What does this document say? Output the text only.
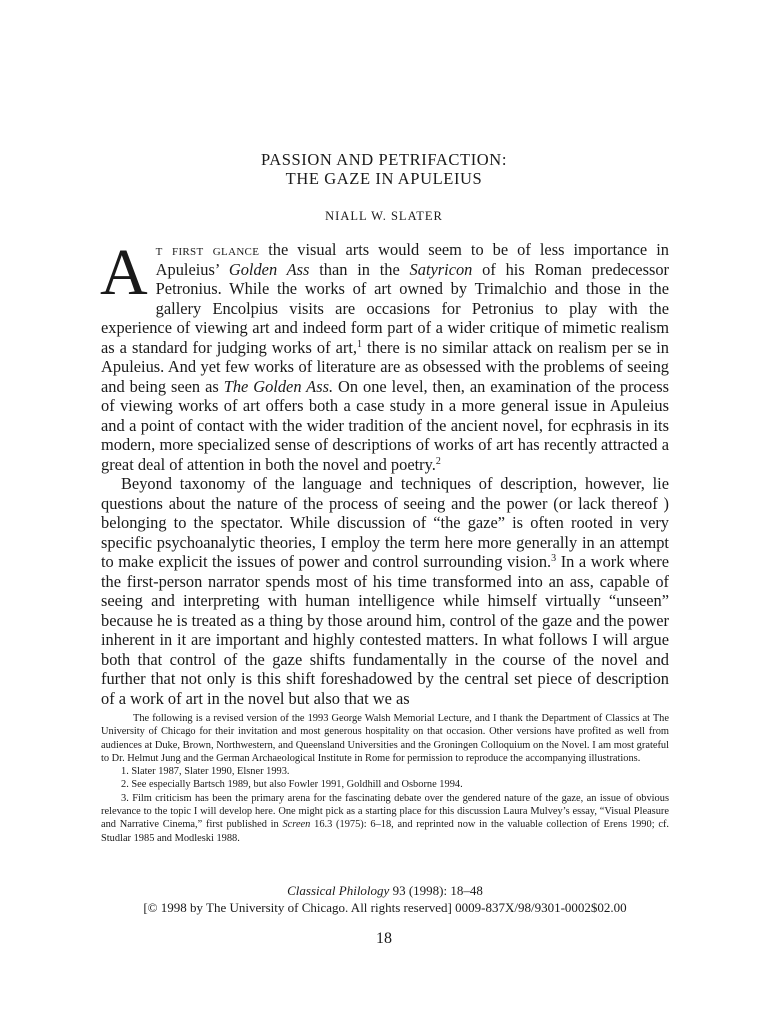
PASSION AND PETRIFACTION:
THE GAZE IN APULEIUS
NIALL W. SLATER

At first glance the visual arts would seem to be of less importance in Apuleius’ Golden Ass than in the Satyricon of his Roman predecessor Petronius. While the works of art owned by Trimalchio and those in the gallery Encolpius visits are occasions for Petronius to play with the experience of viewing art and indeed form part of a wider critique of mimetic realism as a standard for judging works of art,$^1$ there is no similar attack on realism per se in Apuleius. And yet few works of literature are as obsessed with the problems of seeing and being seen as The Golden Ass. On one level, then, an examination of the process of viewing works of art offers both a case study in a more general issue in Apuleius and a point of contact with the wider tradition of the ancient novel, for ecphrasis in its modern, more specialized sense of descriptions of works of art has recently attracted a great deal of attention in both the novel and poetry.$^2$

Beyond taxonomy of the language and techniques of description, however, lie questions about the nature of the process of seeing and the power (or lack thereof ) belonging to the spectator. While discussion of “the gaze” is often rooted in very specific psychoanalytic theories, I employ the term here more generally in an attempt to make explicit the issues of power and control surrounding vision.$^3$ In a work where the first-person narrator spends most of his time transformed into an ass, capable of seeing and interpreting with human intelligence while himself virtually “unseen” because he is treated as a thing by those around him, control of the gaze and the power inherent in it are important and highly contested matters. In what follows I will argue both that control of the gaze shifts fundamentally in the course of the novel and further that not only is this shift foreshadowed by the central set piece of description of a work of art in the novel but also that we as

The following is a revised version of the 1993 George Walsh Memorial Lecture, and I thank the Department of Classics at The University of Chicago for their invitation and most generous hospitality on that occasion. Other versions have profited as well from audiences at Duke, Brown, Northwestern, and Queensland Universities and the Groningen Colloquium on the Novel. I am most grateful to Dr. Helmut Jung and the German Archaeological Institute in Rome for permission to reproduce the accompanying illustrations.

1. Slater 1987, Slater 1990, Elsner 1993.

2. See especially Bartsch 1989, but also Fowler 1991, Goldhill and Osborne 1994.

3. Film criticism has been the primary arena for the fascinating debate over the gendered nature of the gaze, an issue of obvious relevance to the topic I will develop here. One might pick as a starting place for this discussion Laura Mulvey’s essay, “Visual Pleasure and Narrative Cinema,” first published in Screen 16.3 (1975): 6–18, and reprinted now in the valuable collection of Erens 1990; cf. Studlar 1985 and Modleski 1988.

Classical Philology 93 (1998): 18–48
[© 1998 by The University of Chicago. All rights reserved] 0009-837X/98/9301-0002$02.00
18
